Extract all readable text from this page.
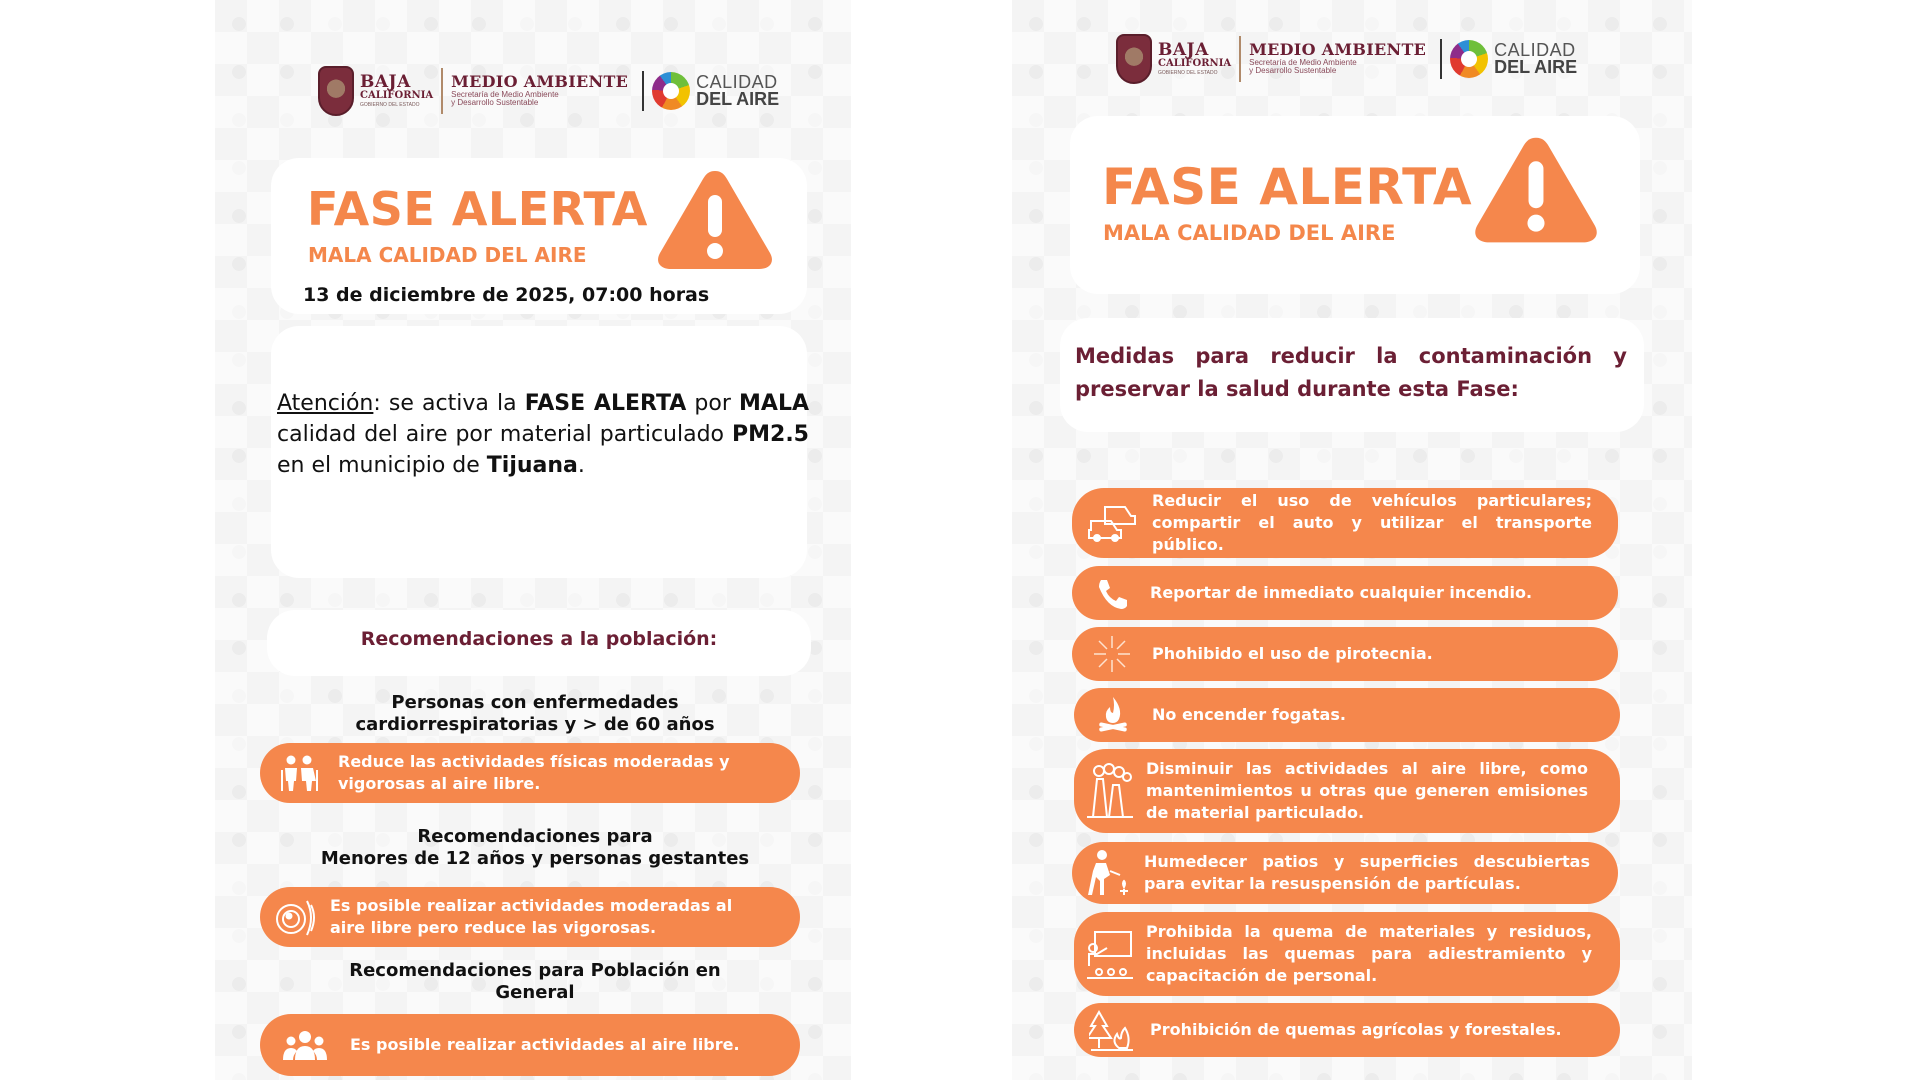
BAJA
CALIFORNIA
GOBIERNO DEL ESTADO
MEDIO AMBIENTE
Secretaría de Medio Ambiente
y Desarrollo Sustentable
CALIDAD
DEL AIRE
FASE ALERTA
MALA CALIDAD DEL AIRE
13 de diciembre de 2025, 07:00 horas
Atención: se activa la FASE ALERTA por MALA calidad del aire por material particulado PM2.5 en el municipio de Tijuana.
Recomendaciones a la población:
Personas con enfermedades
cardiorrespiratorias y > de 60 años
Reduce las actividades físicas moderadas y vigorosas al aire libre.
Recomendaciones para
Menores de 12 años y personas gestantes
Es posible realizar actividades moderadas al aire libre pero reduce las vigorosas.
Recomendaciones para Población en
General
Es posible realizar actividades al aire libre.
BAJA
CALIFORNIA
GOBIERNO DEL ESTADO
MEDIO AMBIENTE
Secretaría de Medio Ambiente
y Desarrollo Sustentable
CALIDAD
DEL AIRE
FASE ALERTA
MALA CALIDAD DEL AIRE
Medidas para reducir la contaminación y preservar la salud durante esta Fase:
Reducir el uso de vehículos particulares; compartir el auto y utilizar el transporte público.
Reportar de inmediato cualquier incendio.
Phohibido el uso de pirotecnia.
No encender fogatas.
Disminuir las actividades al aire libre, como mantenimientos u otras que generen emisiones de material particulado.
Humedecer patios y superficies descubiertas para evitar la resuspensión de partículas.
Prohibida la quema de materiales y residuos, incluidas las quemas para adiestramiento y capacitación de personal.
Prohibición de quemas agrícolas y forestales.
